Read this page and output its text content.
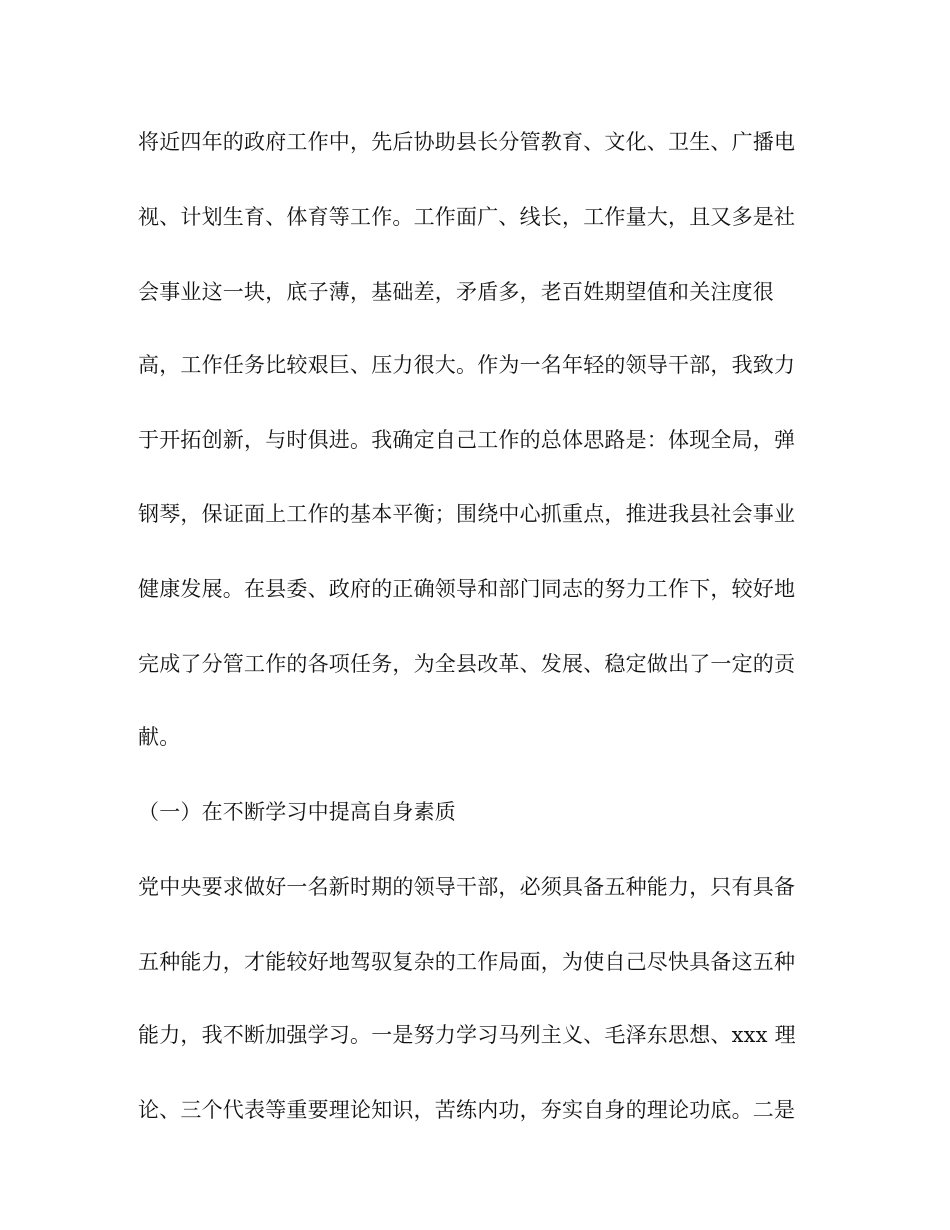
将近四年的政府工作中，先后协助县长分管教育、文化、卫生、广播电
视、计划生育、体育等工作。工作面广、线长，工作量大，且又多是社
会事业这一块，底子薄，基础差，矛盾多，老百姓期望值和关注度很
高，工作任务比较艰巨、压力很大。作为一名年轻的领导干部，我致力
于开拓创新，与时俱进。我确定自己工作的总体思路是：体现全局，弹
钢琴，保证面上工作的基本平衡；围绕中心抓重点，推进我县社会事业
健康发展。在县委、政府的正确领导和部门同志的努力工作下，较好地
完成了分管工作的各项任务，为全县改革、发展、稳定做出了一定的贡
献。
（一）在不断学习中提高自身素质
党中央要求做好一名新时期的领导干部，必须具备五种能力，只有具备
五种能力，才能较好地驾驭复杂的工作局面，为使自己尽快具备这五种
能力，我不断加强学习。一是努力学习马列主义、毛泽东思想、xxx 理
论、三个代表等重要理论知识，苦练内功，夯实自身的理论功底。二是
